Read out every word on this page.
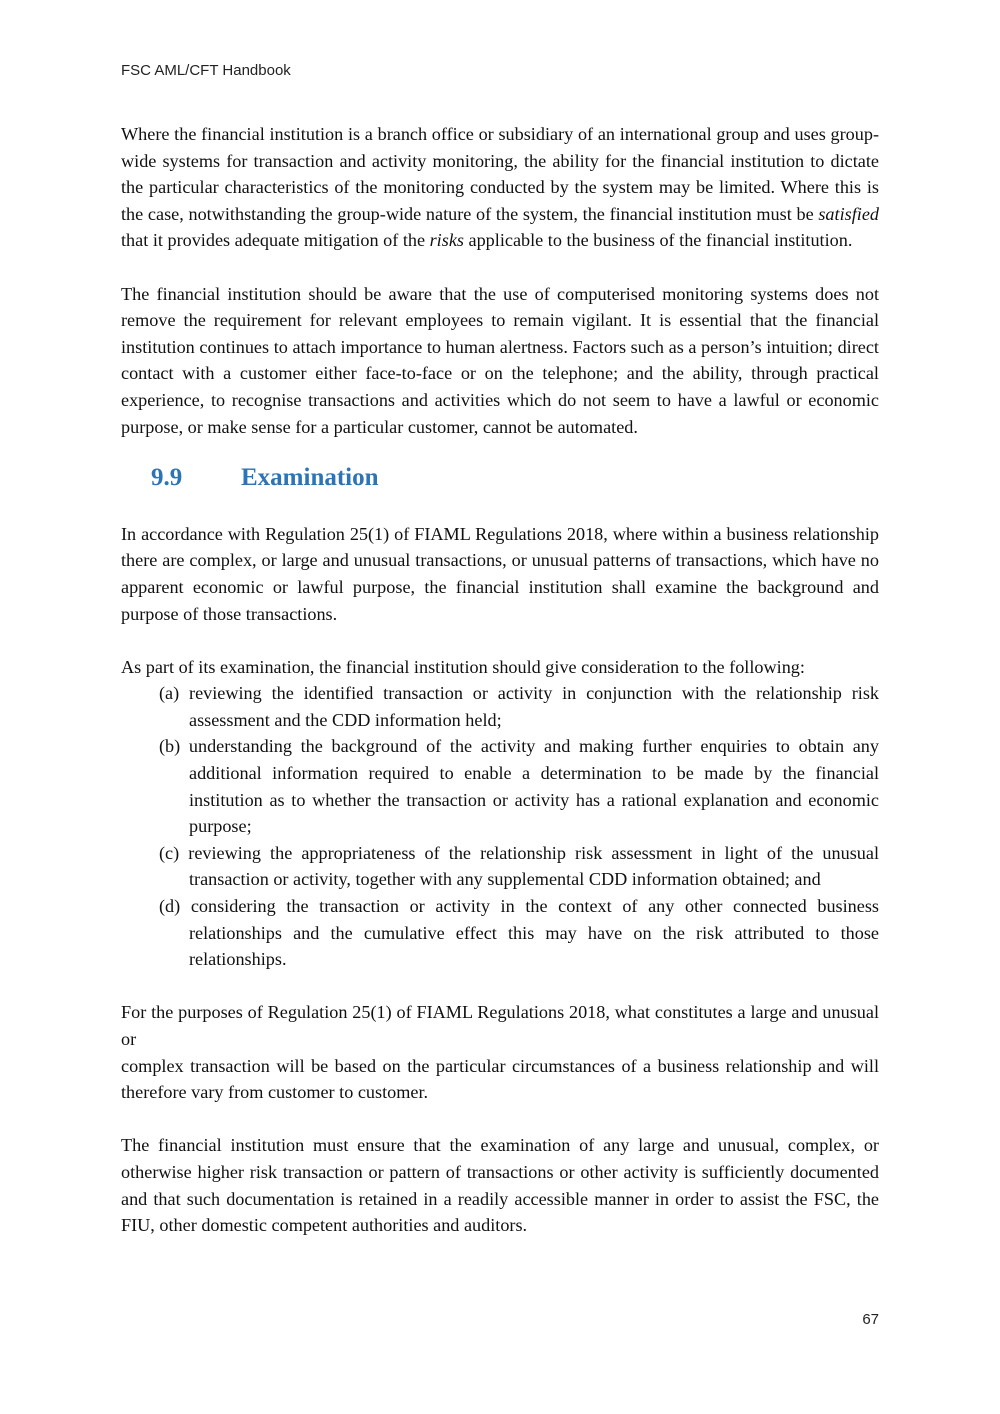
FSC AML/CFT Handbook

Where the financial institution is a branch office or subsidiary of an international group and uses group-wide systems for transaction and activity monitoring, the ability for the financial institution to dictate the particular characteristics of the monitoring conducted by the system may be limited. Where this is the case, notwithstanding the group-wide nature of the system, the financial institution must be satisfied that it provides adequate mitigation of the risks applicable to the business of the financial institution.

The financial institution should be aware that the use of computerised monitoring systems does not remove the requirement for relevant employees to remain vigilant. It is essential that the financial institution continues to attach importance to human alertness. Factors such as a person’s intuition; direct contact with a customer either face-to-face or on the telephone; and the ability, through practical experience, to recognise transactions and activities which do not seem to have a lawful or economic purpose, or make sense for a particular customer, cannot be automated.

9.9	Examination

In accordance with Regulation 25(1) of FIAML Regulations 2018, where within a business relationship there are complex, or large and unusual transactions, or unusual patterns of transactions, which have no apparent economic or lawful purpose, the financial institution shall examine the background and purpose of those transactions.

As part of its examination, the financial institution should give consideration to the following:

(a) reviewing the identified transaction or activity in conjunction with the relationship risk assessment and the CDD information held;
(b) understanding the background of the activity and making further enquiries to obtain any additional information required to enable a determination to be made by the financial institution as to whether the transaction or activity has a rational explanation and economic purpose;
(c) reviewing the appropriateness of the relationship risk assessment in light of the unusual transaction or activity, together with any supplemental CDD information obtained; and
(d) considering the transaction or activity in the context of any other connected business relationships and the cumulative effect this may have on the risk attributed to those relationships.

For the purposes of Regulation 25(1) of FIAML Regulations 2018, what constitutes a large and unusual or

complex transaction will be based on the particular circumstances of a business relationship and will therefore vary from customer to customer.

The financial institution must ensure that the examination of any large and unusual, complex, or otherwise higher risk transaction or pattern of transactions or other activity is sufficiently documented and that such documentation is retained in a readily accessible manner in order to assist the FSC, the FIU, other domestic competent authorities and auditors.

67
